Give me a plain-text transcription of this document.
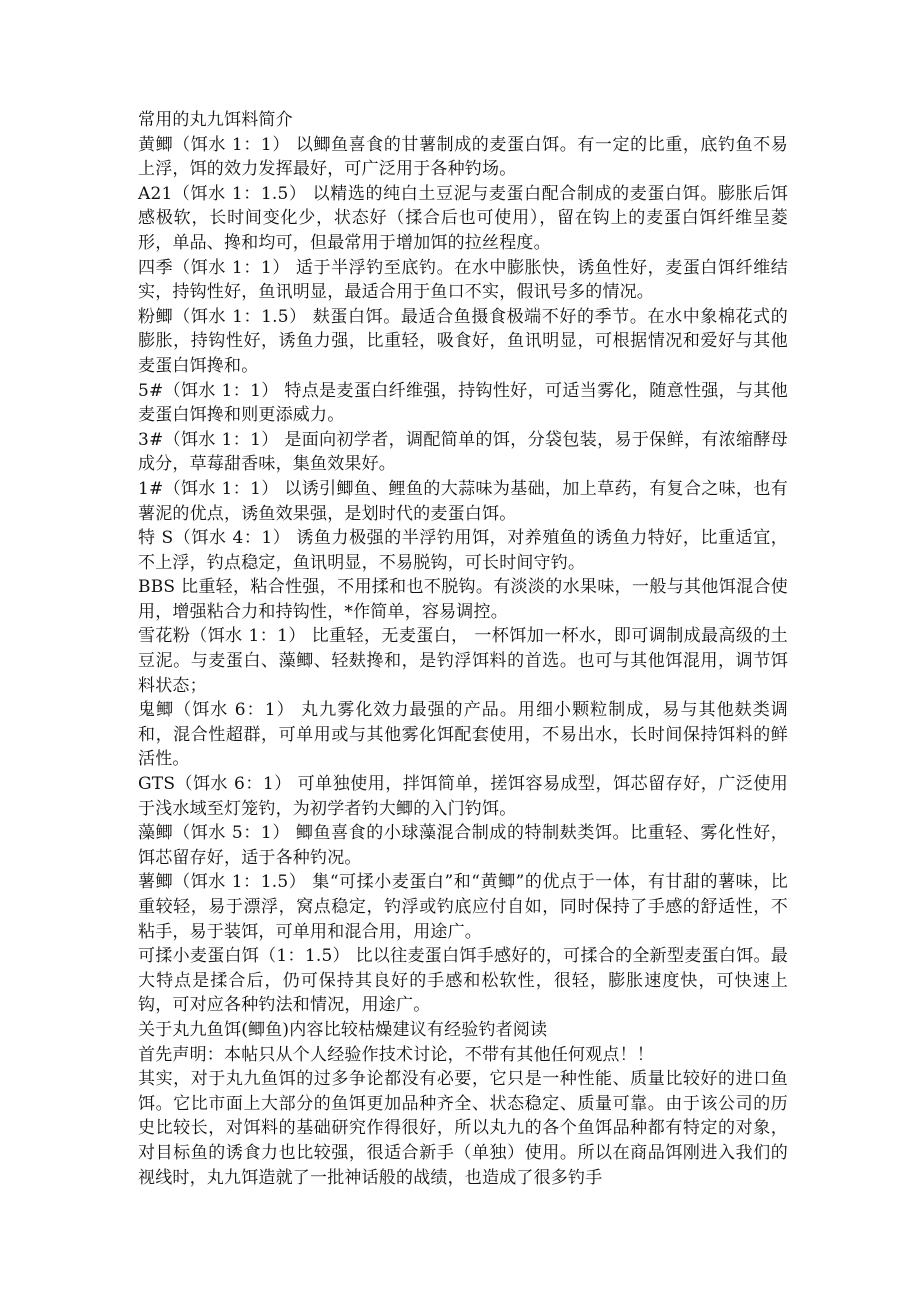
常用的丸九饵料简介

黄鲫（饵水 1：1） 以鲫鱼喜食的甘薯制成的麦蛋白饵。有一定的比重，底钓鱼不易上浮，饵的效力发挥最好，可广泛用于各种钓场。

A21（饵水 1：1.5） 以精选的纯白土豆泥与麦蛋白配合制成的麦蛋白饵。膨胀后饵感极软，长时间变化少，状态好（揉合后也可使用），留在钩上的麦蛋白饵纤维呈菱形，单品、搀和均可，但最常用于增加饵的拉丝程度。

四季（饵水 1：1） 适于半浮钓至底钓。在水中膨胀快，诱鱼性好，麦蛋白饵纤维结实，持钩性好，鱼讯明显，最适合用于鱼口不实，假讯号多的情况。

粉鲫（饵水 1：1.5） 麸蛋白饵。最适合鱼摄食极端不好的季节。在水中象棉花式的膨胀，持钩性好，诱鱼力强，比重轻，吸食好，鱼讯明显，可根据情况和爱好与其他麦蛋白饵搀和。

5#（饵水 1：1） 特点是麦蛋白纤维强，持钩性好，可适当雾化，随意性强，与其他麦蛋白饵搀和则更添威力。

3#（饵水 1：1） 是面向初学者，调配简单的饵，分袋包装，易于保鲜，有浓缩酵母成分，草莓甜香味，集鱼效果好。

1#（饵水 1：1） 以诱引鲫鱼、鲤鱼的大蒜味为基础，加上草药，有复合之味，也有薯泥的优点，诱鱼效果强，是划时代的麦蛋白饵。

特 S（饵水 4：1） 诱鱼力极强的半浮钓用饵，对养殖鱼的诱鱼力特好，比重适宜，不上浮，钓点稳定，鱼讯明显，不易脱钩，可长时间守钓。

BBS 比重轻，粘合性强，不用揉和也不脱钩。有淡淡的水果味，一般与其他饵混合使用，增强粘合力和持钩性，*作简单，容易调控。

雪花粉（饵水 1：1） 比重轻，无麦蛋白， 一杯饵加一杯水，即可调制成最高级的土豆泥。与麦蛋白、藻鲫、轻麸搀和，是钓浮饵料的首选。也可与其他饵混用，调节饵料状态；

鬼鲫（饵水 6：1） 丸九雾化效力最强的产品。用细小颗粒制成，易与其他麸类调和，混合性超群，可单用或与其他雾化饵配套使用，不易出水，长时间保持饵料的鲜活性。

GTS（饵水 6：1） 可单独使用，拌饵简单，搓饵容易成型，饵芯留存好，广泛使用于浅水域至灯笼钓，为初学者钓大鲫的入门钓饵。

藻鲫（饵水 5：1） 鲫鱼喜食的小球藻混合制成的特制麸类饵。比重轻、雾化性好，饵芯留存好，适于各种钓况。

薯鲫（饵水 1：1.5） 集“可揉小麦蛋白”和“黄鲫”的优点于一体，有甘甜的薯味，比重较轻，易于漂浮，窝点稳定，钓浮或钓底应付自如，同时保持了手感的舒适性，不粘手，易于装饵，可单用和混合用，用途广。

可揉小麦蛋白饵（1：1.5） 比以往麦蛋白饵手感好的，可揉合的全新型麦蛋白饵。最大特点是揉合后，仍可保持其良好的手感和松软性，很轻，膨胀速度快，可快速上钩，可对应各种钓法和情况，用途广。

关于丸九鱼饵(鲫鱼)内容比较枯燥建议有经验钓者阅读

首先声明：本帖只从个人经验作技术讨论，不带有其他任何观点！！

其实，对于丸九鱼饵的过多争论都没有必要，它只是一种性能、质量比较好的进口鱼饵。它比市面上大部分的鱼饵更加品种齐全、状态稳定、质量可靠。由于该公司的历史比较长，对饵料的基础研究作得很好，所以丸九的各个鱼饵品种都有特定的对象，对目标鱼的诱食力也比较强，很适合新手（单独）使用。所以在商品饵刚进入我们的视线时，丸九饵造就了一批神话般的战绩，也造成了很多钓手
